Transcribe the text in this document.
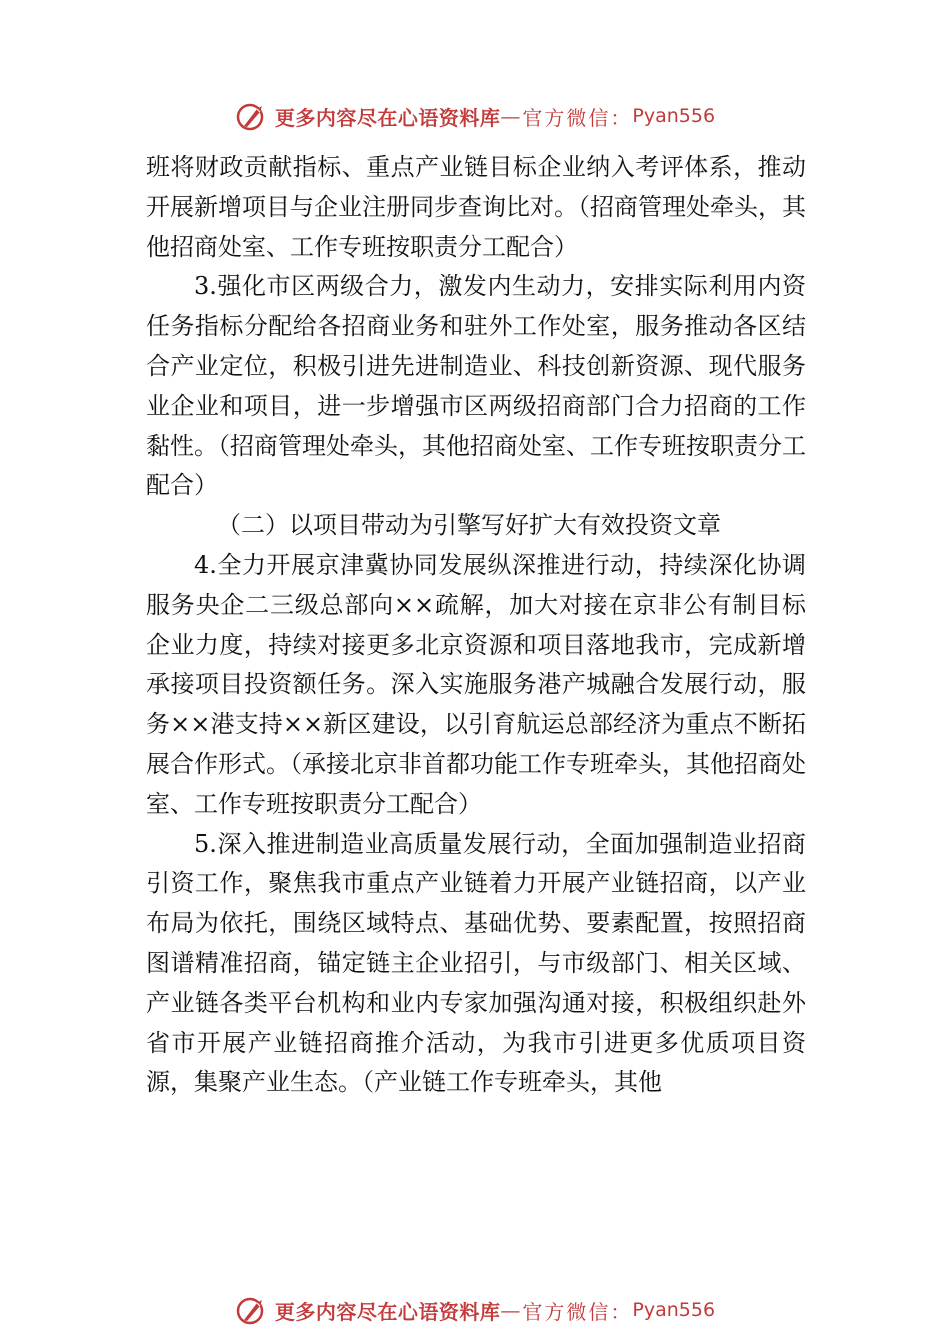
更多内容尽在心语资料库 — 官方微信： Pyan556

班将财政贡献指标、重点产业链目标企业纳入考评体系，推动开展新增项目与企业注册同步查询比对。（招商管理处牵头，其他招商处室、工作专班按职责分工配合）

3.强化市区两级合力，激发内生动力，安排实际利用内资任务指标分配给各招商业务和驻外工作处室，服务推动各区结合产业定位，积极引进先进制造业、科技创新资源、现代服务业企业和项目，进一步增强市区两级招商部门合力招商的工作黏性。（招商管理处牵头，其他招商处室、工作专班按职责分工配合）

（二）以项目带动为引擎写好扩大有效投资文章

4.全力开展京津冀协同发展纵深推进行动，持续深化协调服务央企二三级总部向××疏解，加大对接在京非公有制目标企业力度，持续对接更多北京资源和项目落地我市，完成新增承接项目投资额任务。深入实施服务港产城融合发展行动，服务××港支持××新区建设，以引育航运总部经济为重点不断拓展合作形式。（承接北京非首都功能工作专班牵头，其他招商处室、工作专班按职责分工配合）

5.深入推进制造业高质量发展行动，全面加强制造业招商引资工作，聚焦我市重点产业链着力开展产业链招商，以产业布局为依托，围绕区域特点、基础优势、要素配置，按照招商图谱精准招商，锚定链主企业招引，与市级部门、相关区域、产业链各类平台机构和业内专家加强沟通对接，积极组织赴外省市开展产业链招商推介活动，为我市引进更多优质项目资源，集聚产业生态。（产业链工作专班牵头，其他

更多内容尽在心语资料库 — 官方微信： Pyan556
